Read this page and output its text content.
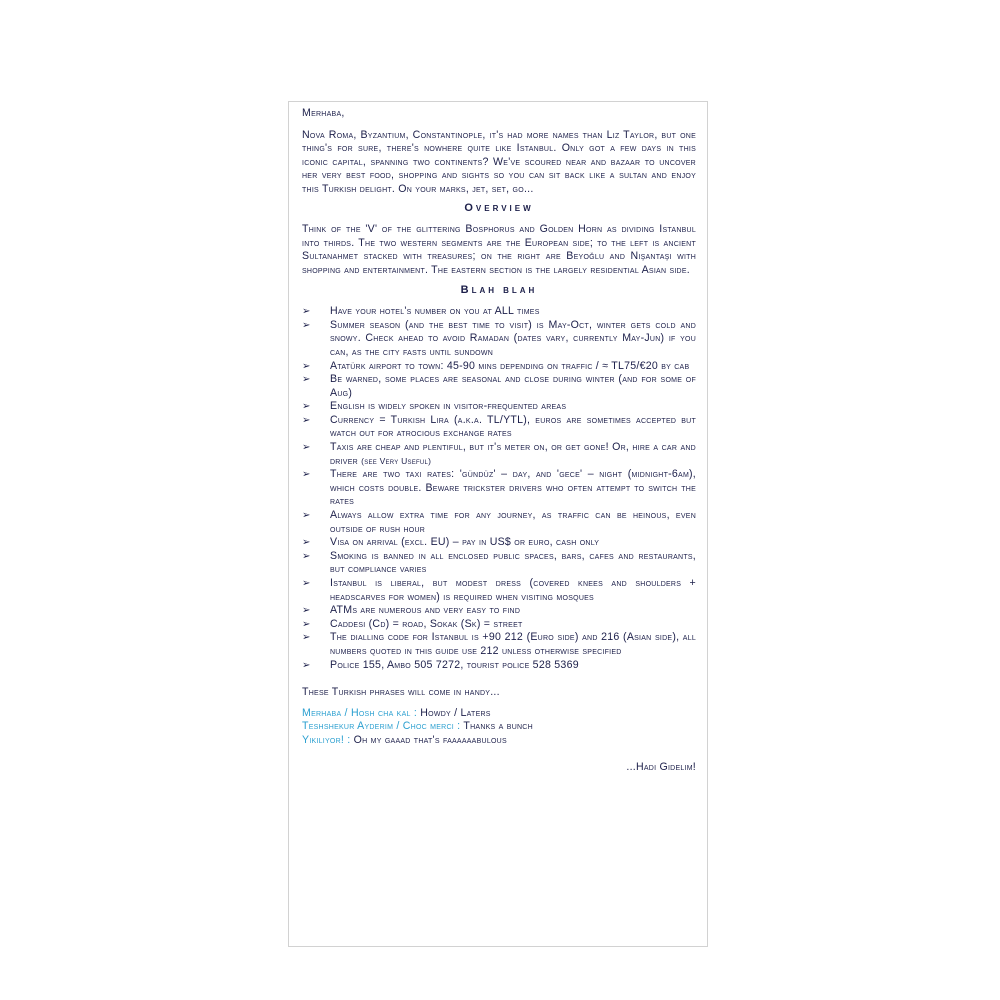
Merhaba,

Nova Roma, Byzantium, Constantinople, it's had more names than Liz Taylor, but one thing's for sure, there's nowhere quite like Istanbul. Only got a few days in this iconic capital, spanning two continents? We've scoured near and bazaar to uncover her very best food, shopping and sights so you can sit back like a sultan and enjoy this Turkish delight. On your marks, jet, set, go...

Overview

Think of the 'V' of the glittering Bosphorus and Golden Horn as dividing Istanbul into thirds. The two western segments are the European side; to the left is ancient Sultanahmet stacked with treasures; on the right are Beyoğlu and Nişantaşi with shopping and entertainment. The eastern section is the largely residential Asian side.

Blah blah
➢ Have your hotel's number on you at ALL times
➢ Summer season (and the best time to visit) is May-Oct, winter gets cold and snowy. Check ahead to avoid Ramadan (dates vary, currently May-Jun) if you can, as the city fasts until sundown
➢ Atatürk airport to town: 45-90 mins depending on traffic / ≈ TL75/€20 by cab
➢ Be warned, some places are seasonal and close during winter (and for some of Aug)
➢ English is widely spoken in visitor-frequented areas
➢ Currency = Turkish Lira (a.k.a. TL/YTL), euros are sometimes accepted but watch out for atrocious exchange rates
➢ Taxis are cheap and plentiful, but it's meter on, or get gone! Or, hire a car and driver (see Very Useful)
➢ There are two taxi rates: 'gündüz' – day, and 'gece' – night (midnight-6am), which costs double. Beware trickster drivers who often attempt to switch the rates
➢ Always allow extra time for any journey, as traffic can be heinous, even outside of rush hour
➢ Visa on arrival (excl. EU) – pay in US$ or euro, cash only
➢ Smoking is banned in all enclosed public spaces, bars, cafes and restaurants, but compliance varies
➢ Istanbul is liberal, but modest dress (covered knees and shoulders + headscarves for women) is required when visiting mosques
➢ ATMs are numerous and very easy to find
➢ Caddesi (Cd) = road, Sokak (Sk) = street
➢ The dialling code for Istanbul is +90 212 (Euro side) and 216 (Asian side), all numbers quoted in this guide use 212 unless otherwise specified
➢ Police 155, Ambo 505 7272, tourist police 528 5369

These Turkish phrases will come in handy...

Merhaba / Hosh cha kal : Howdy / Laters

Teshshekur Ayderim / Choc merci : Thanks a bunch

Yikiliyor! : Oh my gaaad that's faaaaaabulous

...Hadi Gidelim!
